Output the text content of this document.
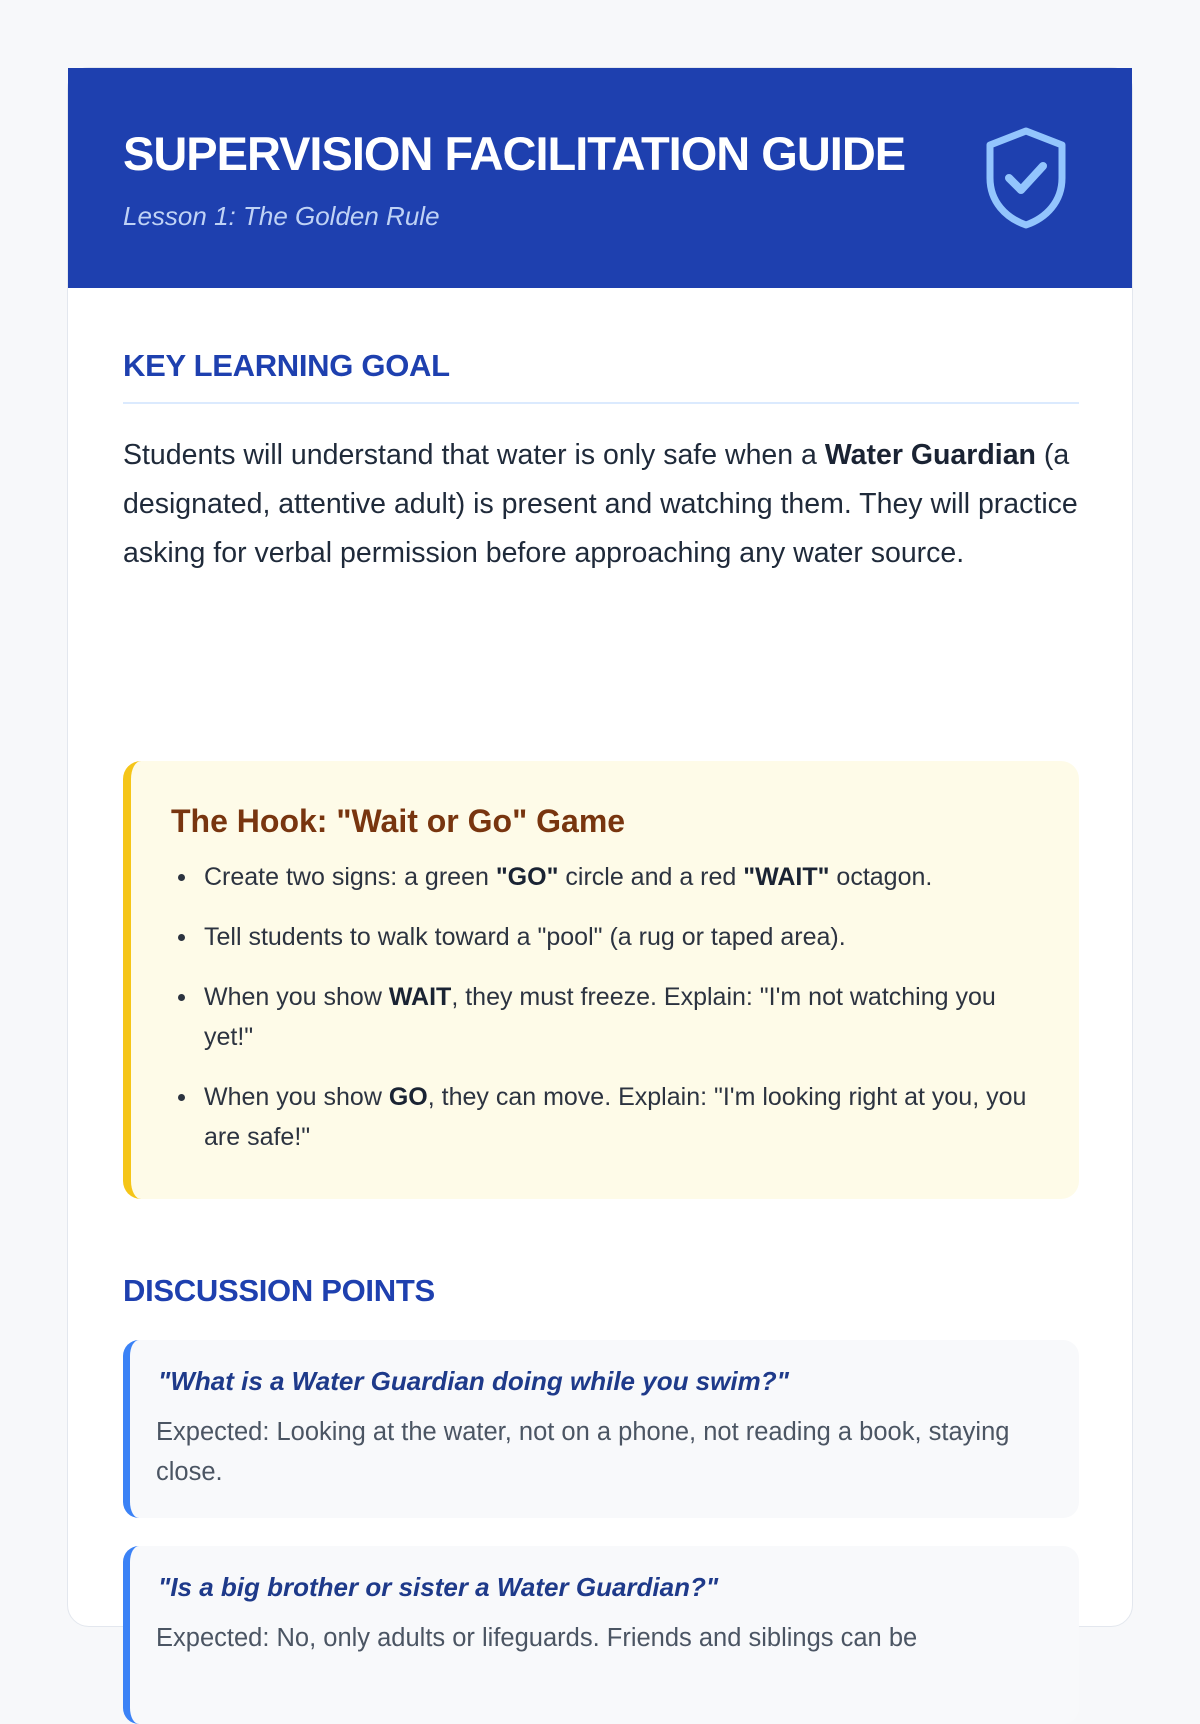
SUPERVISION FACILITATION GUIDE
Lesson 1: The Golden Rule
KEY LEARNING GOAL

Students will understand that water is only safe when a Water Guardian (a designated, attentive adult) is present and watching them. They will practice asking for verbal permission before approaching any water source.

The Hook: "Wait or Go" Game
Create two signs: a green "GO" circle and a red "WAIT" octagon.
Tell students to walk toward a "pool" (a rug or taped area).
When you show WAIT, they must freeze. Explain: "I'm not watching you yet!"
When you show GO, they can move. Explain: "I'm looking right at you, you are safe!"
DISCUSSION POINTS
"What is a Water Guardian doing while you swim?"
Expected: Looking at the water, not on a phone, not reading a book, staying close.
"Is a big brother or sister a Water Guardian?"
Expected: No, only adults or lifeguards. Friends and siblings can be
